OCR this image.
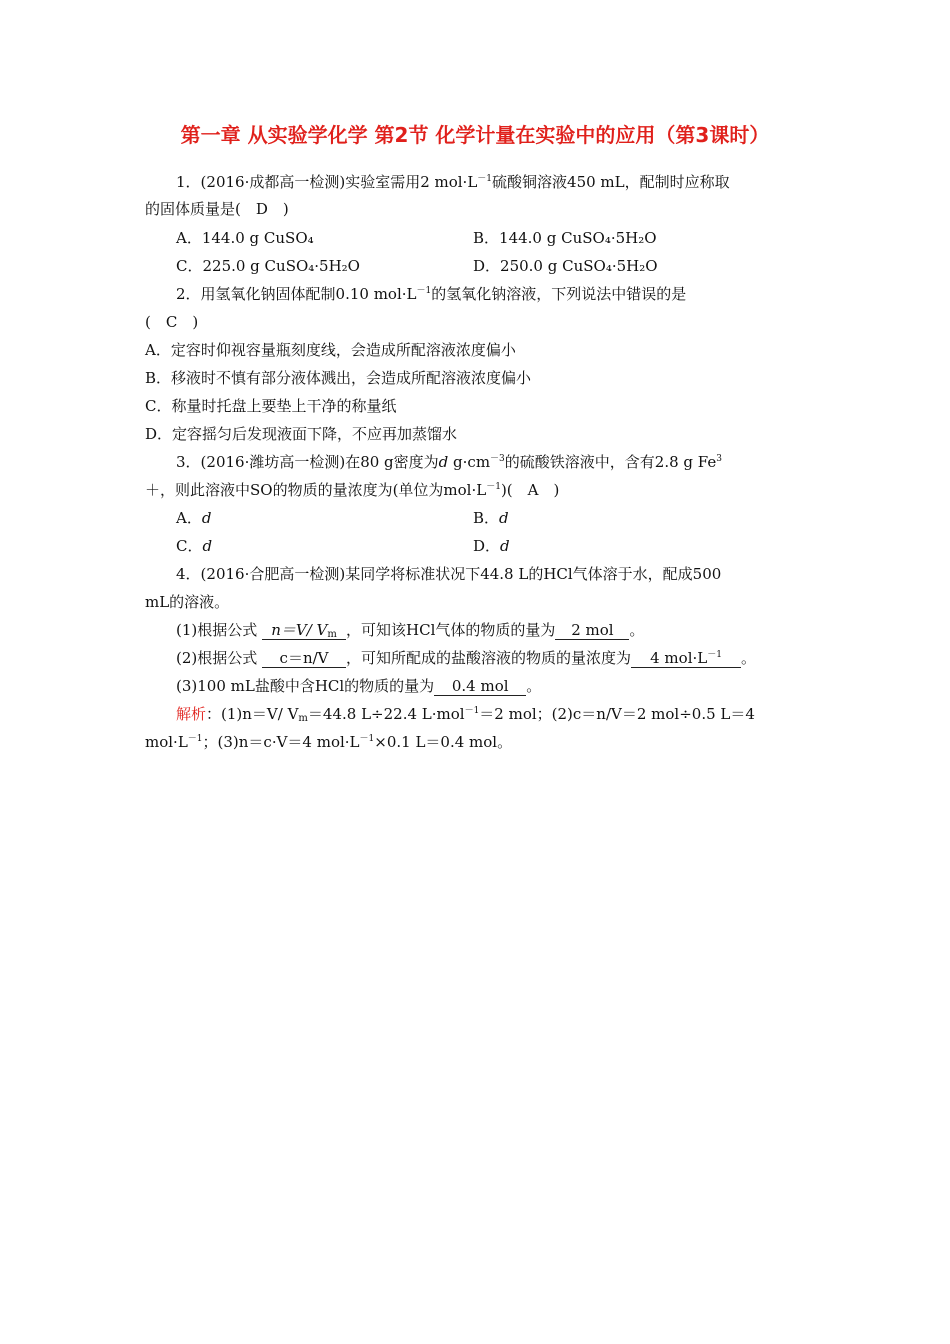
第一章 从实验学化学 第2节 化学计量在实验中的应用（第3课时）
1．(2016·成都高一检测)实验室需用2 $mol\cdot L^{-1}$硫酸铜溶液450 mL，配制时应称取
的固体质量是(　D　)
A．144.0 g CuSO₄	B．144.0 g CuSO₄·5H₂O
C．225.0 g CuSO₄·5H₂O	D．250.0 g CuSO₄·5H₂O
2．用氢氧化钠固体配制0.10 $mol\cdot L^{-1}$的氢氧化钠溶液，下列说法中错误的是
(　C　)
A．定容时仰视容量瓶刻度线，会造成所配溶液浓度偏小
B．移液时不慎有部分液体溅出，会造成所配溶液浓度偏小
C．称量时托盘上要垫上干净的称量纸
D．定容摇匀后发现液面下降，不应再加蒸馏水
3．(2016·潍坊高一检测)在80 g密度为d $g\cdot cm^{-3}$的硫酸铁溶液中，含有2.8 g $Fe^3$
＋，则此溶液中SO的物质的量浓度为(单位为$mol\cdot L^{-1}$)(　A　)
A．d	B．d
C．d	D．d
4．(2016·合肥高一检测)某同学将标准状况下44.8 L的HCl气体溶于水，配成500
mL的溶液。
(1)根据公式 n＝V/ $V_m$ ，可知该HCl气体的物质的量为 2 mol 。
(2)根据公式 c＝n/V ，可知所配成的盐酸溶液的物质的量浓度为 4 $mol\cdot L^{-1}$ 。
(3)100 mL盐酸中含HCl的物质的量为 0.4 mol 。
解析：(1)n＝V/ $V_m=44.8$ L÷22.4 L·mol$^{-1}$＝2 mol；(2)c＝n/V＝2 mol÷0.5 L＝4
$mol\cdot L^{-1}$；(3)n＝c·V＝4 $mol\cdot L^{-1}\times 0.1$ L＝0.4 mol。
